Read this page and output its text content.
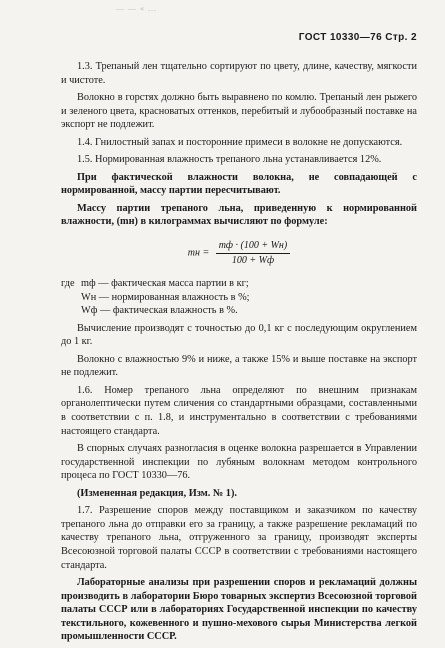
— — « ...
ГОСТ 10330—76 Стр. 2

1.3. Трепаный лен тщательно сортируют по цвету, длине, качеству, мягкости и чистоте.

Волокно в горстях должно быть выравнено по комлю. Трепаный лен рыжего и зеленого цвета, красноватых оттенков, перебитый и лубообразный поставке на экспорт не подлежит.

1.4. Гнилостный запах и посторонние примеси в волокне не допускаются.

1.5. Нормированная влажность трепаного льна устанавливается 12%.

При фактической влажности волокна, не совпадающей с нормированной, массу партии пересчитывают.

Массу партии трепаного льна, приведенную к нормированной влажности, (mн) в килограммах вычисляют по формуле:

mн = $\frac{mф \cdot (100 + Wн)}{100 + Wф}$
где mф — фактическая масса партии в кг;
Wн — нормированная влажность в %;
Wф — фактическая влажность в %.

Вычисление производят с точностью до 0,1 кг с последующим округлением до 1 кг.

Волокно с влажностью 9% и ниже, а также 15% и выше поставке на экспорт не подлежит.

1.6. Номер трепаного льна определяют по внешним признакам органолептически путем сличения со стандартными образцами, составленными в соответствии с п. 1.8, и инструментально в соответствии с требованиями настоящего стандарта.

В спорных случаях разногласия в оценке волокна разрешается в Управлении государственной инспекции по лубяным волокнам методом контрольного процеса по ГОСТ 10330—76.

(Измененная редакция, Изм. № 1).

1.7. Разрешение споров между поставщиком и заказчиком по качеству трепаного льна до отправки его за границу, а также разрешение рекламаций по качеству трепаного льна, отгруженного за границу, производят эксперты Всесоюзной торговой палаты СССР в соответствии с требованиями настоящего стандарта.

Лабораторные анализы при разрешении споров и рекламаций должны производить в лаборатории Бюро товарных экспертиз Всесоюзной торговой палаты СССР или в лабораториях Государственной инспекции по качеству текстильного, кожевенного и пушно-мехового сырья Министерства легкой промышленности СССР.
